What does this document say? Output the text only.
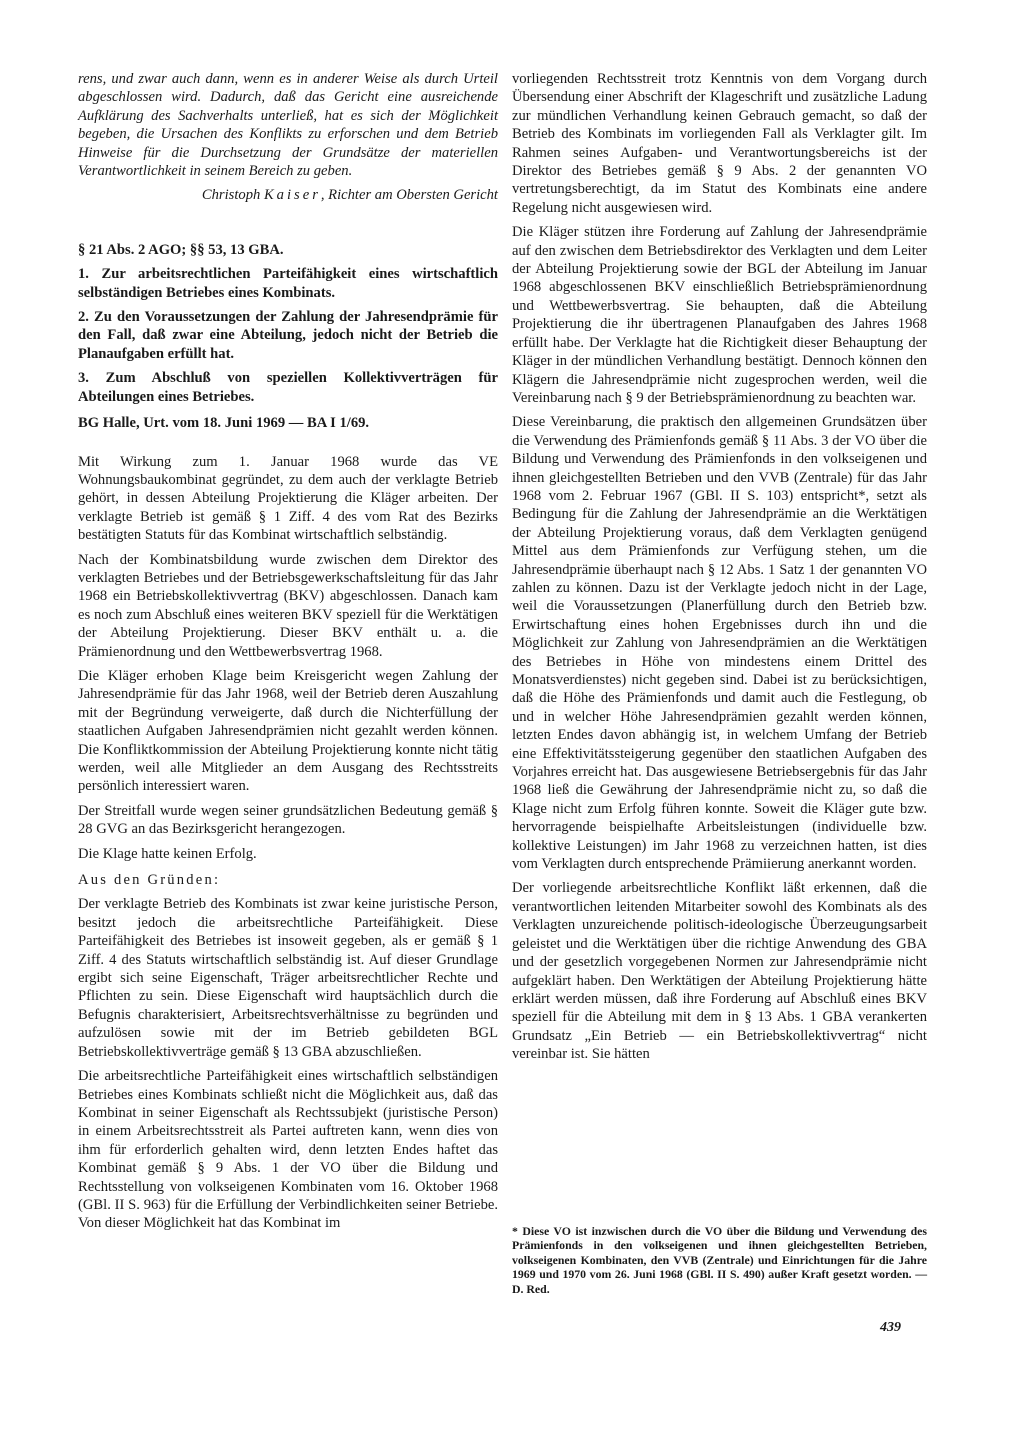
rens, und zwar auch dann, wenn es in anderer Weise als durch Urteil abgeschlossen wird. Dadurch, daß das Gericht eine ausreichende Aufklärung des Sachverhalts unterließ, hat es sich der Möglichkeit begeben, die Ursachen des Konflikts zu erforschen und dem Betrieb Hinweise für die Durchsetzung der Grundsätze der materiellen Verantwortlichkeit in seinem Bereich zu geben.

Christoph Kaiser, Richter am Obersten Gericht

§ 21 Abs. 2 AGO; §§ 53, 13 GBA.

1. Zur arbeitsrechtlichen Parteifähigkeit eines wirtschaftlich selbständigen Betriebes eines Kombinats.

2. Zu den Voraussetzungen der Zahlung der Jahresendprämie für den Fall, daß zwar eine Abteilung, jedoch nicht der Betrieb die Planaufgaben erfüllt hat.

3. Zum Abschluß von speziellen Kollektivverträgen für Abteilungen eines Betriebes.

BG Halle, Urt. vom 18. Juni 1969 — BA I 1/69.

Mit Wirkung zum 1. Januar 1968 wurde das VE Wohnungsbaukombinat gegründet, zu dem auch der verklagte Betrieb gehört, in dessen Abteilung Projektierung die Kläger arbeiten. Der verklagte Betrieb ist gemäß § 1 Ziff. 4 des vom Rat des Bezirks bestätigten Statuts für das Kombinat wirtschaftlich selbständig.

Nach der Kombinatsbildung wurde zwischen dem Direktor des verklagten Betriebes und der Betriebsgewerkschaftsleitung für das Jahr 1968 ein Betriebskollektivvertrag (BKV) abgeschlossen. Danach kam es noch zum Abschluß eines weiteren BKV speziell für die Werktätigen der Abteilung Projektierung. Dieser BKV enthält u. a. die Prämienordnung und den Wettbewerbsvertrag 1968.

Die Kläger erhoben Klage beim Kreisgericht wegen Zahlung der Jahresendprämie für das Jahr 1968, weil der Betrieb deren Auszahlung mit der Begründung verweigerte, daß durch die Nichterfüllung der staatlichen Aufgaben Jahresendprämien nicht gezahlt werden können. Die Konfliktkommission der Abteilung Projektierung konnte nicht tätig werden, weil alle Mitglieder an dem Ausgang des Rechtsstreits persönlich interessiert waren.

Der Streitfall wurde wegen seiner grundsätzlichen Bedeutung gemäß § 28 GVG an das Bezirksgericht herangezogen.

Die Klage hatte keinen Erfolg.

Aus den Gründen:

Der verklagte Betrieb des Kombinats ist zwar keine juristische Person, besitzt jedoch die arbeitsrechtliche Parteifähigkeit. Diese Parteifähigkeit des Betriebes ist insoweit gegeben, als er gemäß § 1 Ziff. 4 des Statuts wirtschaftlich selbständig ist. Auf dieser Grundlage ergibt sich seine Eigenschaft, Träger arbeitsrechtlicher Rechte und Pflichten zu sein. Diese Eigenschaft wird hauptsächlich durch die Befugnis charakterisiert, Arbeitsrechtsverhältnisse zu begründen und aufzulösen sowie mit der im Betrieb gebildeten BGL Betriebskollektivverträge gemäß § 13 GBA abzuschließen.

Die arbeitsrechtliche Parteifähigkeit eines wirtschaftlich selbständigen Betriebes eines Kombinats schließt nicht die Möglichkeit aus, daß das Kombinat in seiner Eigenschaft als Rechtssubjekt (juristische Person) in einem Arbeitsrechtsstreit als Partei auftreten kann, wenn dies von ihm für erforderlich gehalten wird, denn letzten Endes haftet das Kombinat gemäß § 9 Abs. 1 der VO über die Bildung und Rechtsstellung von volkseigenen Kombinaten vom 16. Oktober 1968 (GBl. II S. 963) für die Erfüllung der Verbindlichkeiten seiner Betriebe. Von dieser Möglichkeit hat das Kombinat im

vorliegenden Rechtsstreit trotz Kenntnis von dem Vorgang durch Übersendung einer Abschrift der Klageschrift und zusätzliche Ladung zur mündlichen Verhandlung keinen Gebrauch gemacht, so daß der Betrieb des Kombinats im vorliegenden Fall als Verklagter gilt. Im Rahmen seines Aufgaben- und Verantwortungsbereichs ist der Direktor des Betriebes gemäß § 9 Abs. 2 der genannten VO vertretungsberechtigt, da im Statut des Kombinats eine andere Regelung nicht ausgewiesen wird.

Die Kläger stützen ihre Forderung auf Zahlung der Jahresendprämie auf den zwischen dem Betriebsdirektor des Verklagten und dem Leiter der Abteilung Projektierung sowie der BGL der Abteilung im Januar 1968 abgeschlossenen BKV einschließlich Betriebsprämienordnung und Wettbewerbsvertrag. Sie behaupten, daß die Abteilung Projektierung die ihr übertragenen Planaufgaben des Jahres 1968 erfüllt habe. Der Verklagte hat die Richtigkeit dieser Behauptung der Kläger in der mündlichen Verhandlung bestätigt. Dennoch können den Klägern die Jahresendprämie nicht zugesprochen werden, weil die Vereinbarung nach § 9 der Betriebsprämienordnung zu beachten war.

Diese Vereinbarung, die praktisch den allgemeinen Grundsätzen über die Verwendung des Prämienfonds gemäß § 11 Abs. 3 der VO über die Bildung und Verwendung des Prämienfonds in den volkseigenen und ihnen gleichgestellten Betrieben und den VVB (Zentrale) für das Jahr 1968 vom 2. Februar 1967 (GBl. II S. 103) entspricht*, setzt als Bedingung für die Zahlung der Jahresendprämie an die Werktätigen der Abteilung Projektierung voraus, daß dem Verklagten genügend Mittel aus dem Prämienfonds zur Verfügung stehen, um die Jahresendprämie überhaupt nach § 12 Abs. 1 Satz 1 der genannten VO zahlen zu können. Dazu ist der Verklagte jedoch nicht in der Lage, weil die Voraussetzungen (Planerfüllung durch den Betrieb bzw. Erwirtschaftung eines hohen Ergebnisses durch ihn und die Möglichkeit zur Zahlung von Jahresendprämien an die Werktätigen des Betriebes in Höhe von mindestens einem Drittel des Monatsverdienstes) nicht gegeben sind. Dabei ist zu berücksichtigen, daß die Höhe des Prämienfonds und damit auch die Festlegung, ob und in welcher Höhe Jahresendprämien gezahlt werden können, letzten Endes davon abhängig ist, in welchem Umfang der Betrieb eine Effektivitätssteigerung gegenüber den staatlichen Aufgaben des Vorjahres erreicht hat. Das ausgewiesene Betriebsergebnis für das Jahr 1968 ließ die Gewährung der Jahresendprämie nicht zu, so daß die Klage nicht zum Erfolg führen konnte. Soweit die Kläger gute bzw. hervorragende beispielhafte Arbeitsleistungen (individuelle bzw. kollektive Leistungen) im Jahr 1968 zu verzeichnen hatten, ist dies vom Verklagten durch entsprechende Prämiierung anerkannt worden.

Der vorliegende arbeitsrechtliche Konflikt läßt erkennen, daß die verantwortlichen leitenden Mitarbeiter sowohl des Kombinats als des Verklagten unzureichende politisch-ideologische Überzeugungsarbeit geleistet und die Werktätigen über die richtige Anwendung des GBA und der gesetzlich vorgegebenen Normen zur Jahresendprämie nicht aufgeklärt haben. Den Werktätigen der Abteilung Projektierung hätte erklärt werden müssen, daß ihre Forderung auf Abschluß eines BKV speziell für die Abteilung mit dem in § 13 Abs. 1 GBA verankerten Grundsatz „Ein Betrieb — ein Betriebskollektivvertrag“ nicht vereinbar ist. Sie hätten

* Diese VO ist inzwischen durch die VO über die Bildung und Verwendung des Prämienfonds in den volkseigenen und ihnen gleichgestellten Betrieben, volkseigenen Kombinaten, den VVB (Zentrale) und Einrichtungen für die Jahre 1969 und 1970 vom 26. Juni 1968 (GBl. II S. 490) außer Kraft gesetzt worden. — D. Red.
439
